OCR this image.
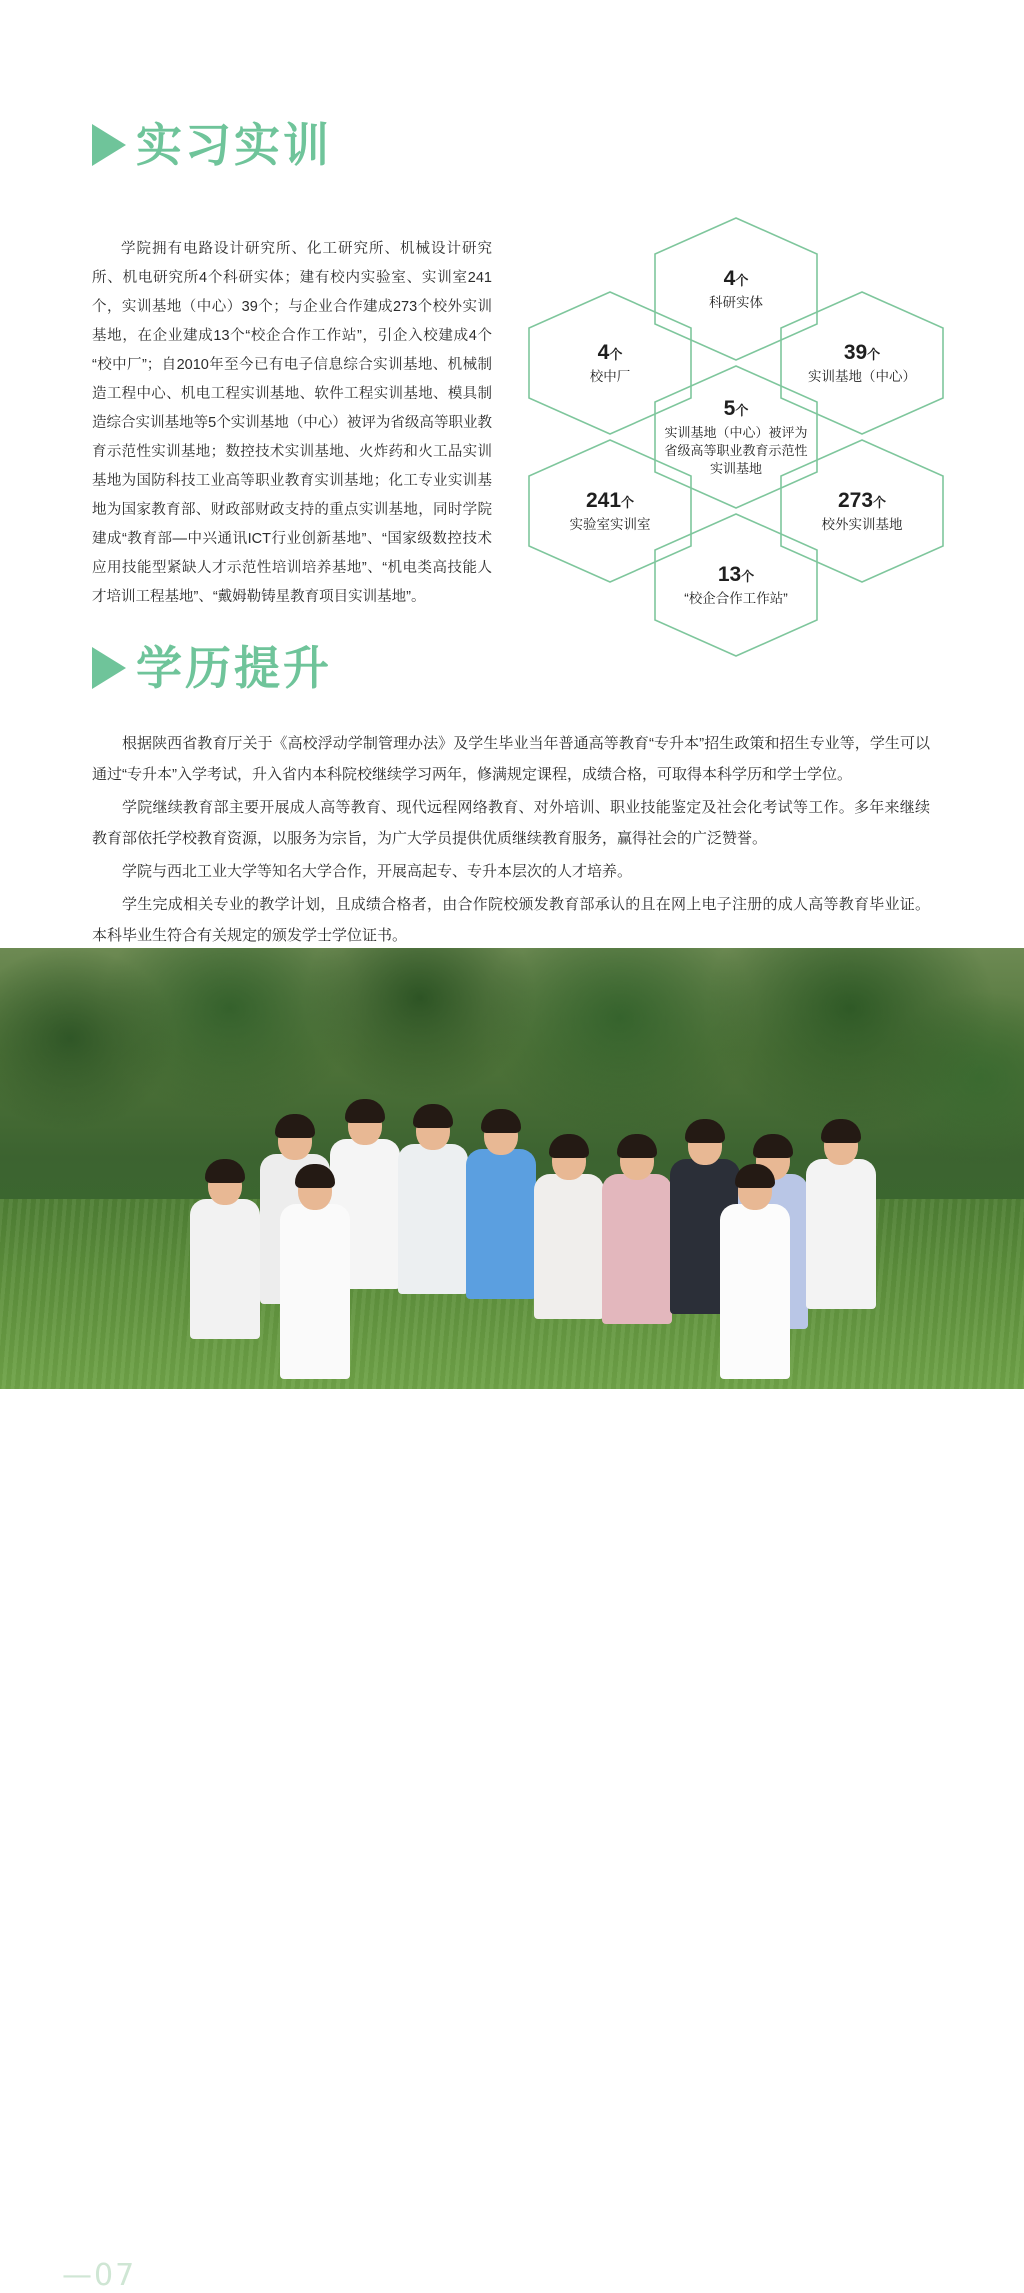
实习实训
学院拥有电路设计研究所、化工研究所、机械设计研究所、机电研究所4个科研实体；建有校内实验室、实训室241个，实训基地（中心）39个；与企业合作建成273个校外实训基地，在企业建成13个“校企合作工作站”，引企入校建成4个“校中厂”；自2010年至今已有电子信息综合实训基地、机械制造工程中心、机电工程实训基地、软件工程实训基地、模具制造综合实训基地等5个实训基地（中心）被评为省级高等职业教育示范性实训基地；数控技术实训基地、火炸药和火工品实训基地为国防科技工业高等职业教育实训基地；化工专业实训基地为国家教育部、财政部财政支持的重点实训基地，同时学院建成“教育部—中兴通讯ICT行业创新基地”、“国家级数控技术应用技能型紧缺人才示范性培训培养基地”、“机电类高技能人才培训工程基地”、“戴姆勒铸星教育项目实训基地”。
4个
科研实体
4个
校中厂
39个
实训基地（中心）
5个
实训基地（中心）被评为省级高等职业教育示范性实训基地
241个
实验室实训室
273个
校外实训基地
13个
“校企合作工作站”
学历提升

根据陕西省教育厅关于《高校浮动学制管理办法》及学生毕业当年普通高等教育“专升本”招生政策和招生专业等，学生可以通过“专升本”入学考试，升入省内本科院校继续学习两年，修满规定课程，成绩合格，可取得本科学历和学士学位。

学院继续教育部主要开展成人高等教育、现代远程网络教育、对外培训、职业技能鉴定及社会化考试等工作。多年来继续教育部依托学校教育资源，以服务为宗旨，为广大学员提供优质继续教育服务，赢得社会的广泛赞誉。

学院与西北工业大学等知名大学合作，开展高起专、专升本层次的人才培养。

学生完成相关专业的教学计划，且成绩合格者，由合作院校颁发教育部承认的且在网上电子注册的成人高等教育毕业证。本科毕业生符合有关规定的颁发学士学位证书。

—07
